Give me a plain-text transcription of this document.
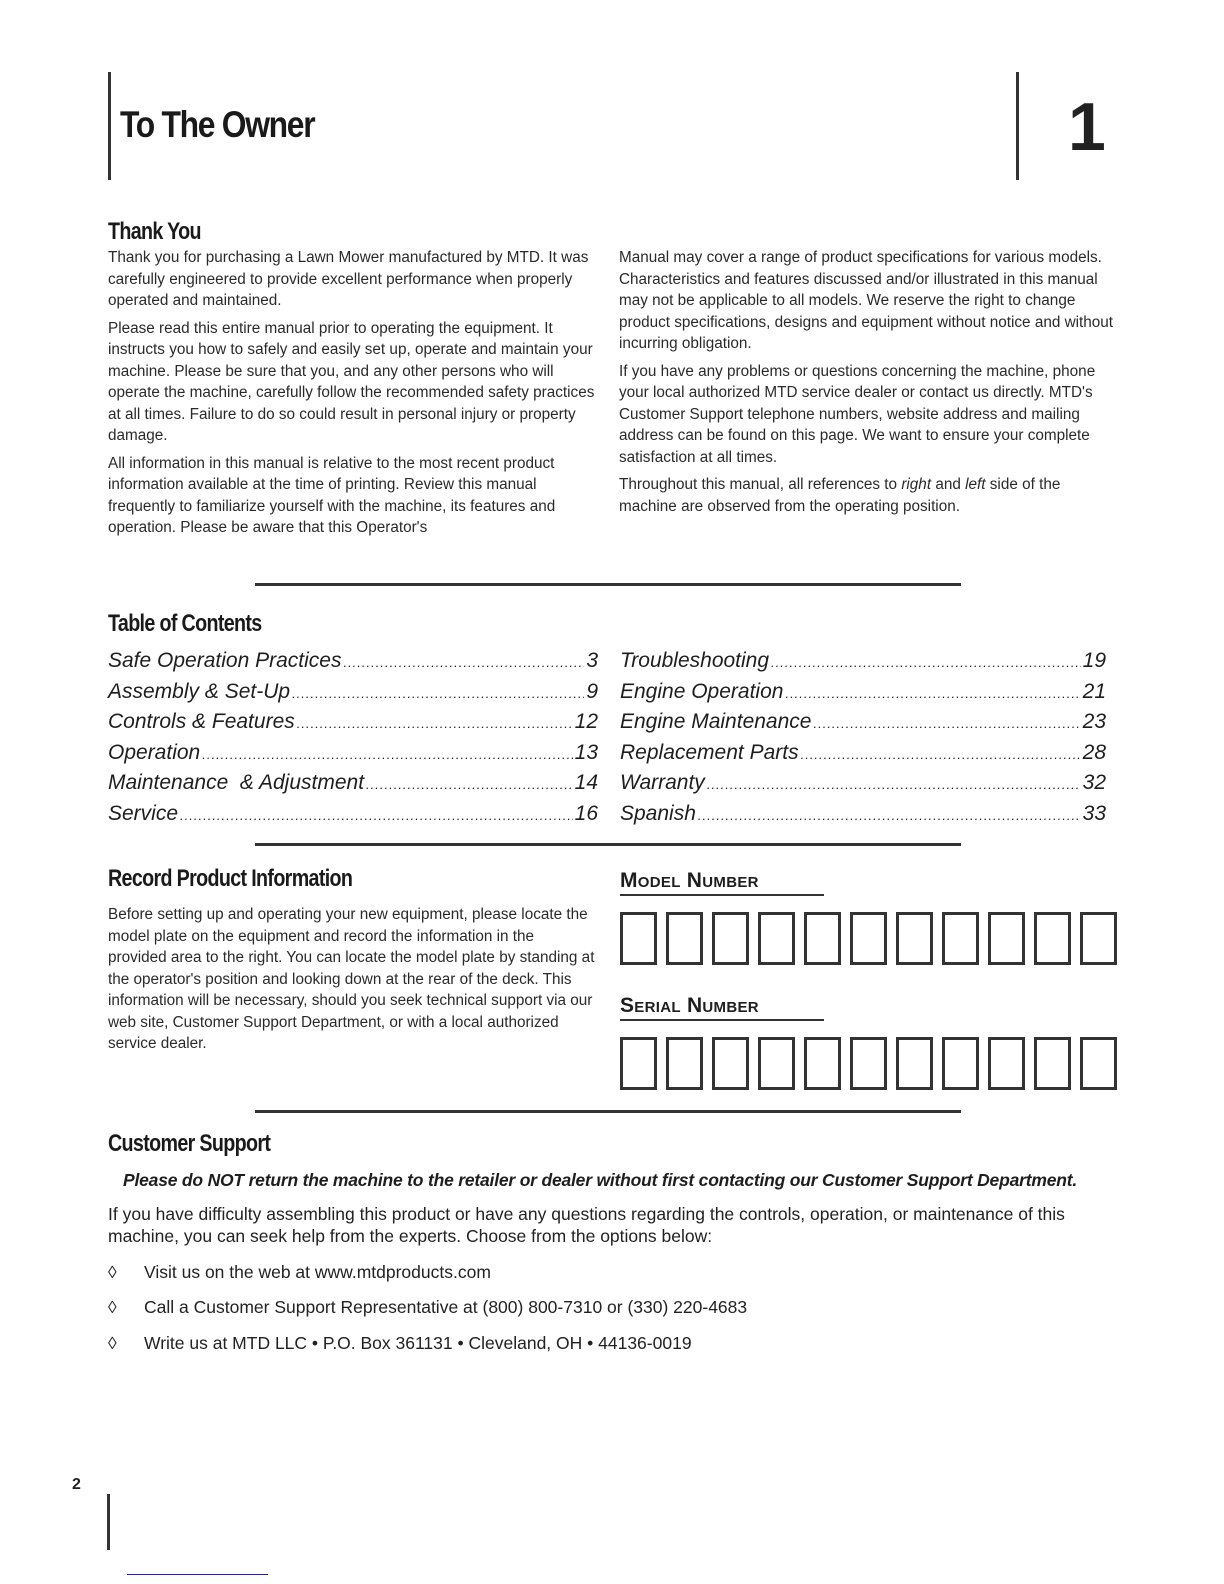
To The Owner	1
Thank You

Thank you for purchasing a Lawn Mower manufactured by MTD. It was carefully engineered to provide excellent performance when properly operated and maintained.

Please read this entire manual prior to operating the equipment. It instructs you how to safely and easily set up, operate and maintain your machine. Please be sure that you, and any other persons who will operate the machine, carefully follow the recommended safety practices at all times. Failure to do so could result in personal injury or property damage.

All information in this manual is relative to the most recent product information available at the time of printing. Review this manual frequently to familiarize yourself with the machine, its features and operation. Please be aware that this Operator's

Manual may cover a range of product specifications for various models. Characteristics and features discussed and/or illustrated in this manual may not be applicable to all models. We reserve the right to change product specifications, designs and equipment without notice and without incurring obligation.

If you have any problems or questions concerning the machine, phone your local authorized MTD service dealer or contact us directly. MTD's Customer Support telephone numbers, website address and mailing address can be found on this page. We want to ensure your complete satisfaction at all times.

Throughout this manual, all references to right and left side of the machine are observed from the operating position.

Table of Contents
Safe Operation Practices .....	3
Assembly & Set-Up .....	9
Controls & Features .....	12
Operation .....	13
Maintenance  & Adjustment .....	14
Service .....	16
Troubleshooting .....	19
Engine Operation .....	21
Engine Maintenance .....	23
Replacement Parts .....	28
Warranty .....	32
Spanish .....	33
Record Product Information

Before setting up and operating your new equipment, please locate the model plate on the equipment and record the information in the provided area to the right. You can locate the model plate by standing at the operator's position and looking down at the rear of the deck. This information will be necessary, should you seek technical support via our web site, Customer Support Department, or with a local authorized service dealer.

Model Number
Serial Number
Customer Support
Please do NOT return the machine to the retailer or dealer without first contacting our Customer Support Department.
If you have difficulty assembling this product or have any questions regarding the controls, operation, or maintenance of this machine, you can seek help from the experts. Choose from the options below:
◊	Visit us on the web at www.mtdproducts.com
◊	Call a Customer Support Representative at (800) 800-7310 or (330) 220-4683
◊	Write us at MTD LLC • P.O. Box 361131 • Cleveland, OH • 44136-0019
2
